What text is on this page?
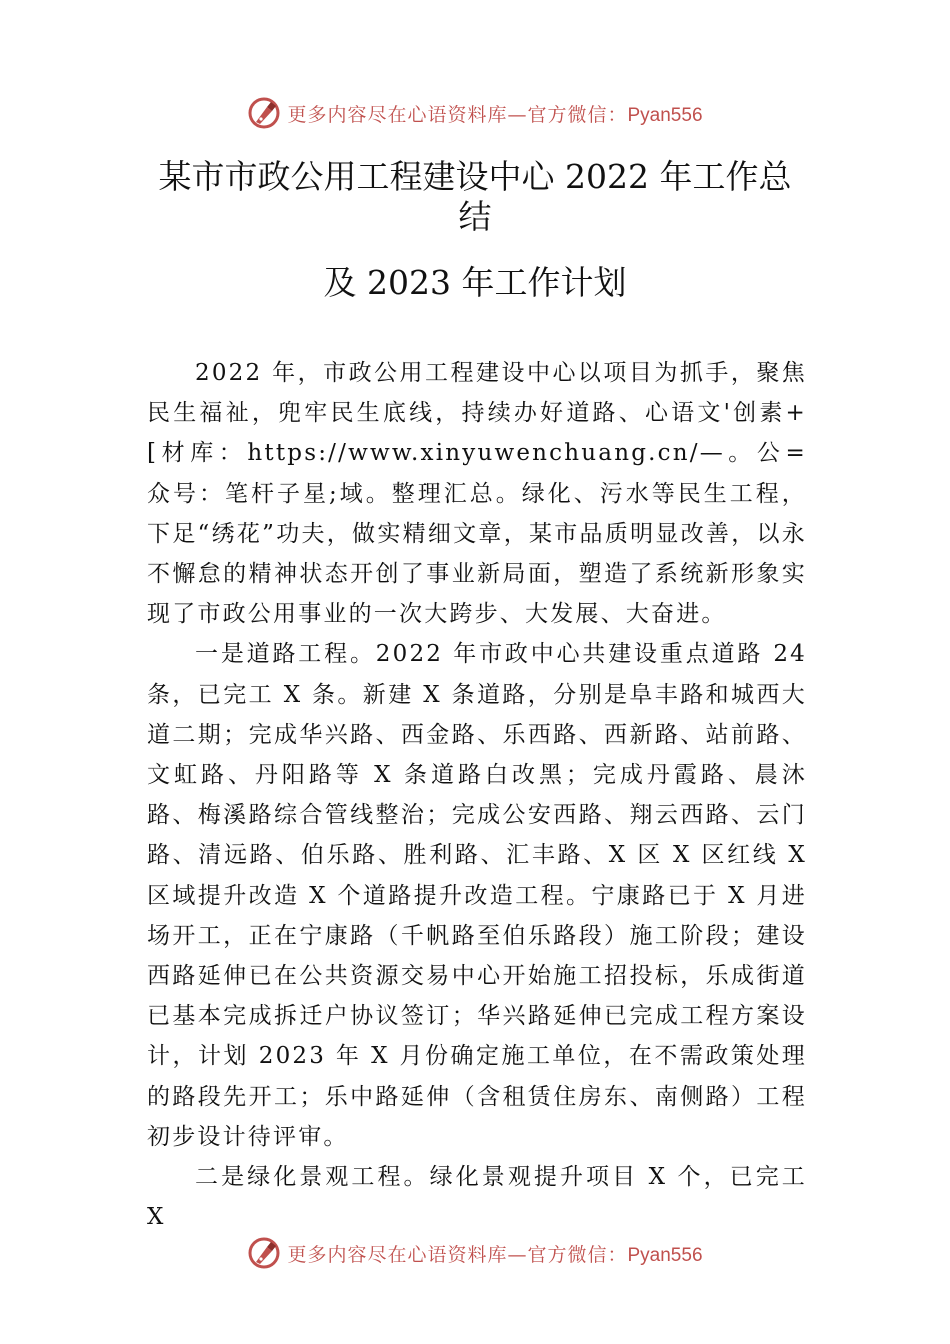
更多内容尽在心语资料库—官方微信：Pyan556
某市市政公用工程建设中心 2022 年工作总
结
及 2023 年工作计划

2022 年，市政公用工程建设中心以项目为抓手，聚焦民生福祉，兜牢民生底线，持续办好道路、心语文'创素+[材库：https://www.xinyuwenchuang.cn/—。公=众号：笔杆子星;域。整理汇总。绿化、污水等民生工程，下足“绣花”功夫，做实精细文章，某市品质明显改善，以永不懈怠的精神状态开创了事业新局面，塑造了系统新形象实现了市政公用事业的一次大跨步、大发展、大奋进。

一是道路工程。2022 年市政中心共建设重点道路 24 条，已完工 X 条。新建 X 条道路，分别是阜丰路和城西大道二期；完成华兴路、西金路、乐西路、西新路、站前路、文虹路、丹阳路等 X 条道路白改黑；完成丹霞路、晨沐路、梅溪路综合管线整治；完成公安西路、翔云西路、云门路、清远路、伯乐路、胜利路、汇丰路、X 区 X 区红线 X 区域提升改造 X 个道路提升改造工程。宁康路已于 X 月进场开工，正在宁康路（千帆路至伯乐路段）施工阶段；建设西路延伸已在公共资源交易中心开始施工招投标，乐成街道已基本完成拆迁户协议签订；华兴路延伸已完成工程方案设计，计划 2023 年 X 月份确定施工单位，在不需政策处理的路段先开工；乐中路延伸（含租赁住房东、南侧路）工程初步设计待评审。

二是绿化景观工程。绿化景观提升项目 X 个，已完工 X

更多内容尽在心语资料库—官方微信：Pyan556
